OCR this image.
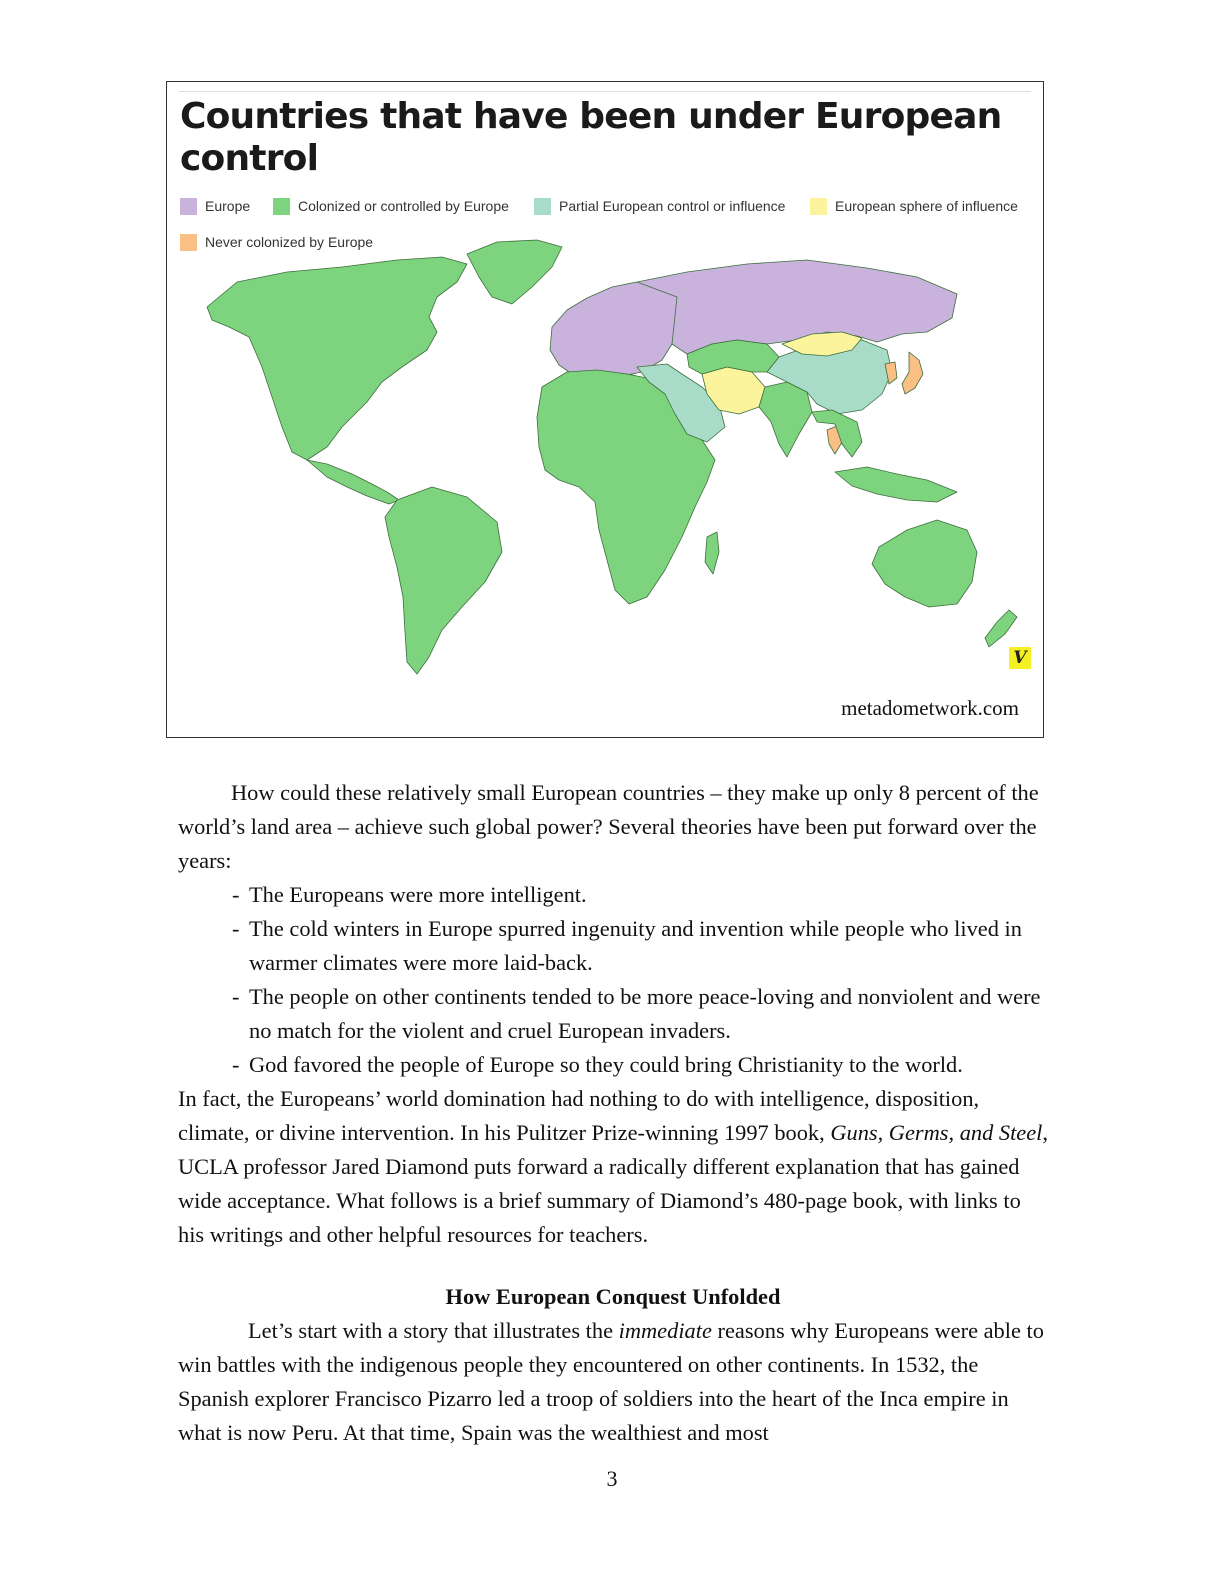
Countries that have been under European control
Europe	Colonized or controlled by Europe	Partial European control or influence	European sphere of influence
Never colonized by Europe
V
metadometwork.com

How could these relatively small European countries – they make up only 8 percent of the world’s land area – achieve such global power? Several theories have been put forward over the years:

- The Europeans were more intelligent.
- The cold winters in Europe spurred ingenuity and invention while people who lived in warmer climates were more laid-back.
- The people on other continents tended to be more peace-loving and nonviolent and were no match for the violent and cruel European invaders.
- God favored the people of Europe so they could bring Christianity to the world.

In fact, the Europeans’ world domination had nothing to do with intelligence, disposition, climate, or divine intervention. In his Pulitzer Prize-winning 1997 book, Guns, Germs, and Steel, UCLA professor Jared Diamond puts forward a radically different explanation that has gained wide acceptance. What follows is a brief summary of Diamond’s 480-page book, with links to his writings and other helpful resources for teachers.

How European Conquest Unfolded

Let’s start with a story that illustrates the immediate reasons why Europeans were able to win battles with the indigenous people they encountered on other continents. In 1532, the Spanish explorer Francisco Pizarro led a troop of soldiers into the heart of the Inca empire in what is now Peru. At that time, Spain was the wealthiest and most

3
